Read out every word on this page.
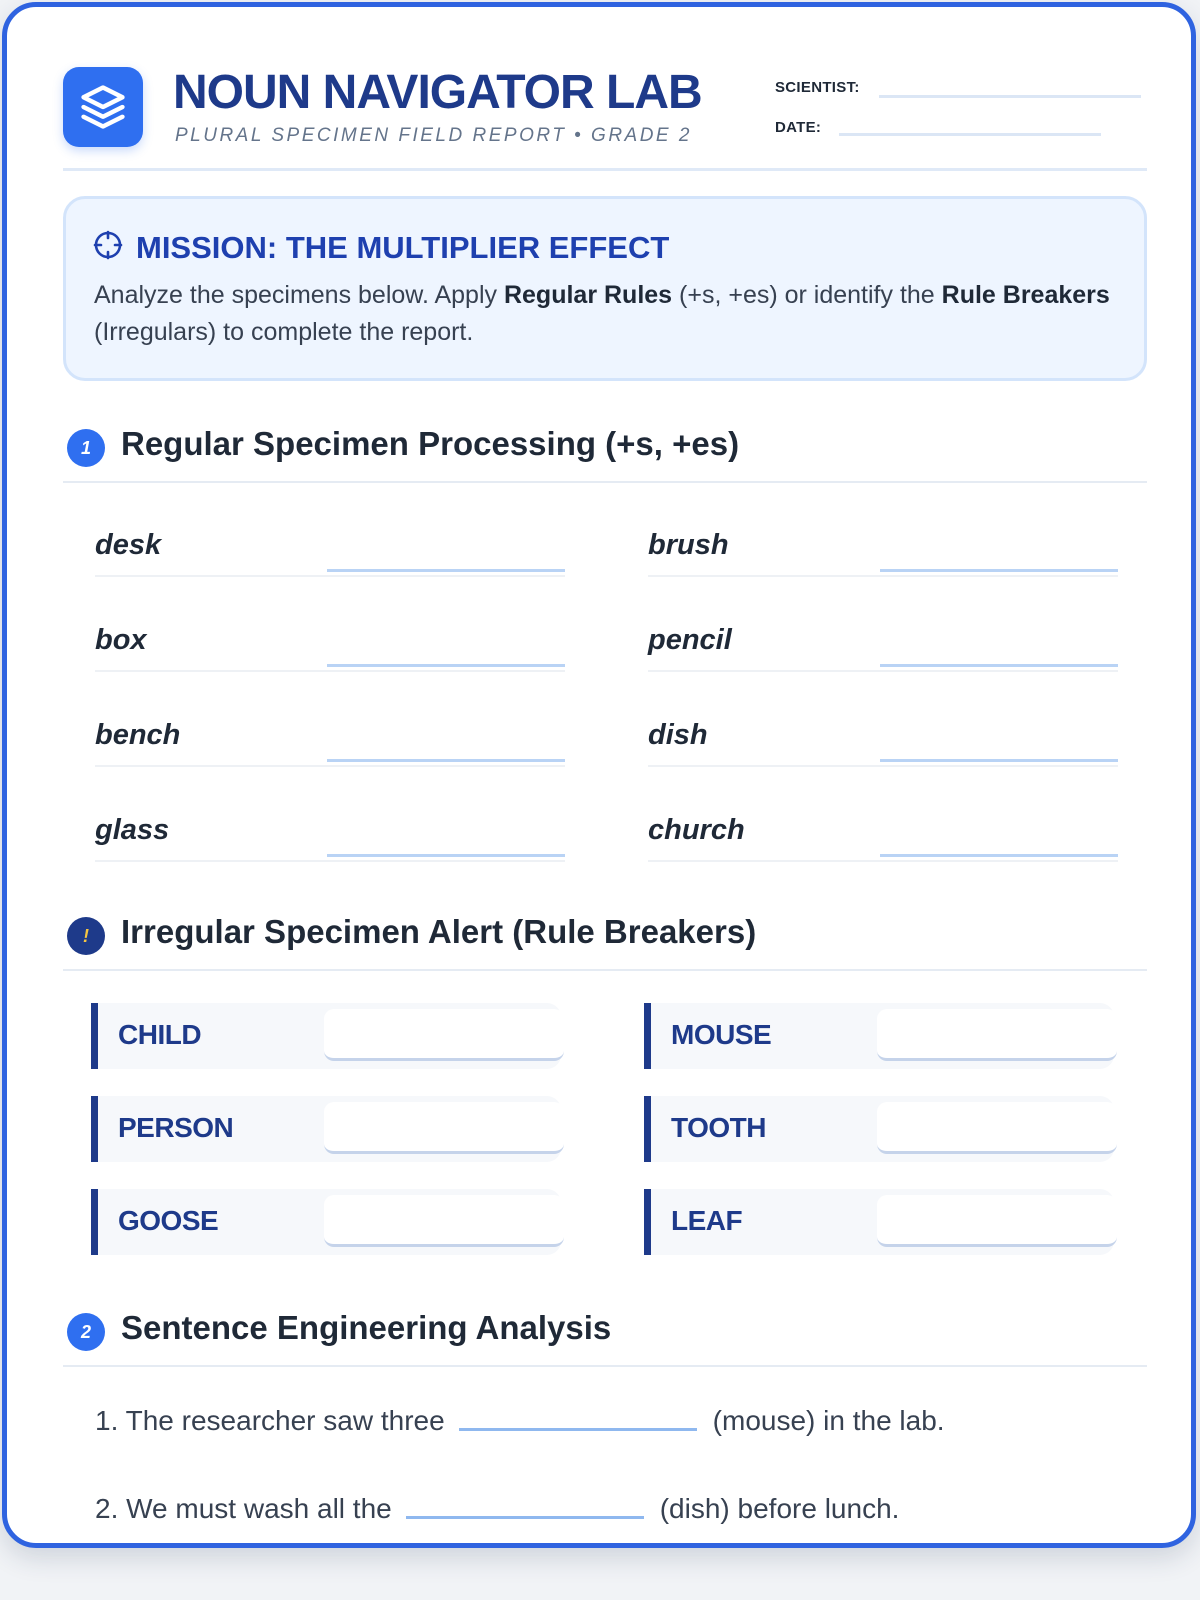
NOUN NAVIGATOR LAB
PLURAL SPECIMEN FIELD REPORT • GRADE 2
SCIENTIST:
DATE:
MISSION: THE MULTIPLIER EFFECT
Analyze the specimens below. Apply Regular Rules (+s, +es) or identify the Rule Breakers (Irregulars) to complete the report.
1 Regular Specimen Processing (+s, +es)
desk
box
bench
glass
brush
pencil
dish
church
! Irregular Specimen Alert (Rule Breakers)
CHILD
PERSON
GOOSE
MOUSE
TOOTH
LEAF
2 Sentence Engineering Analysis
1. The researcher saw three	(mouse) in the lab.
2. We must wash all the	(dish) before lunch.
